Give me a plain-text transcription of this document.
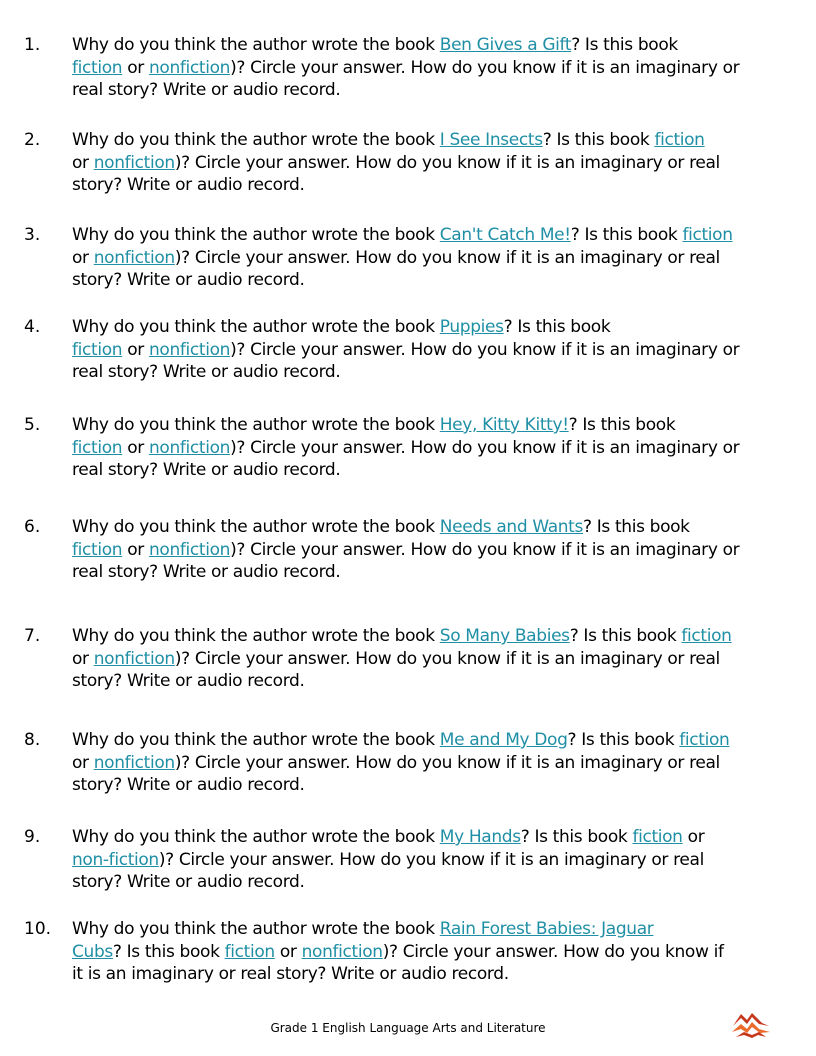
1. Why do you think the author wrote the book Ben Gives a Gift? Is this book
fiction or nonfiction)? Circle your answer. How do you know if it is an imaginary or
real story? Write or audio record.
2. Why do you think the author wrote the book I See Insects? Is this book fiction
or nonfiction)? Circle your answer. How do you know if it is an imaginary or real
story? Write or audio record.
3. Why do you think the author wrote the book Can't Catch Me!? Is this book fiction
or nonfiction)? Circle your answer. How do you know if it is an imaginary or real
story? Write or audio record.
4. Why do you think the author wrote the book Puppies? Is this book
fiction or nonfiction)? Circle your answer. How do you know if it is an imaginary or
real story? Write or audio record.
5. Why do you think the author wrote the book Hey, Kitty Kitty!? Is this book
fiction or nonfiction)? Circle your answer. How do you know if it is an imaginary or
real story? Write or audio record.
6. Why do you think the author wrote the book Needs and Wants? Is this book
fiction or nonfiction)? Circle your answer. How do you know if it is an imaginary or
real story? Write or audio record.
7. Why do you think the author wrote the book So Many Babies? Is this book fiction
or nonfiction)? Circle your answer. How do you know if it is an imaginary or real
story? Write or audio record.
8. Why do you think the author wrote the book Me and My Dog? Is this book fiction
or nonfiction)? Circle your answer. How do you know if it is an imaginary or real
story? Write or audio record.
9. Why do you think the author wrote the book My Hands? Is this book fiction or
non-fiction)? Circle your answer. How do you know if it is an imaginary or real
story? Write or audio record.
10. Why do you think the author wrote the book Rain Forest Babies: Jaguar
Cubs? Is this book fiction or nonfiction)? Circle your answer. How do you know if
it is an imaginary or real story? Write or audio record.
Grade 1 English Language Arts and Literature
